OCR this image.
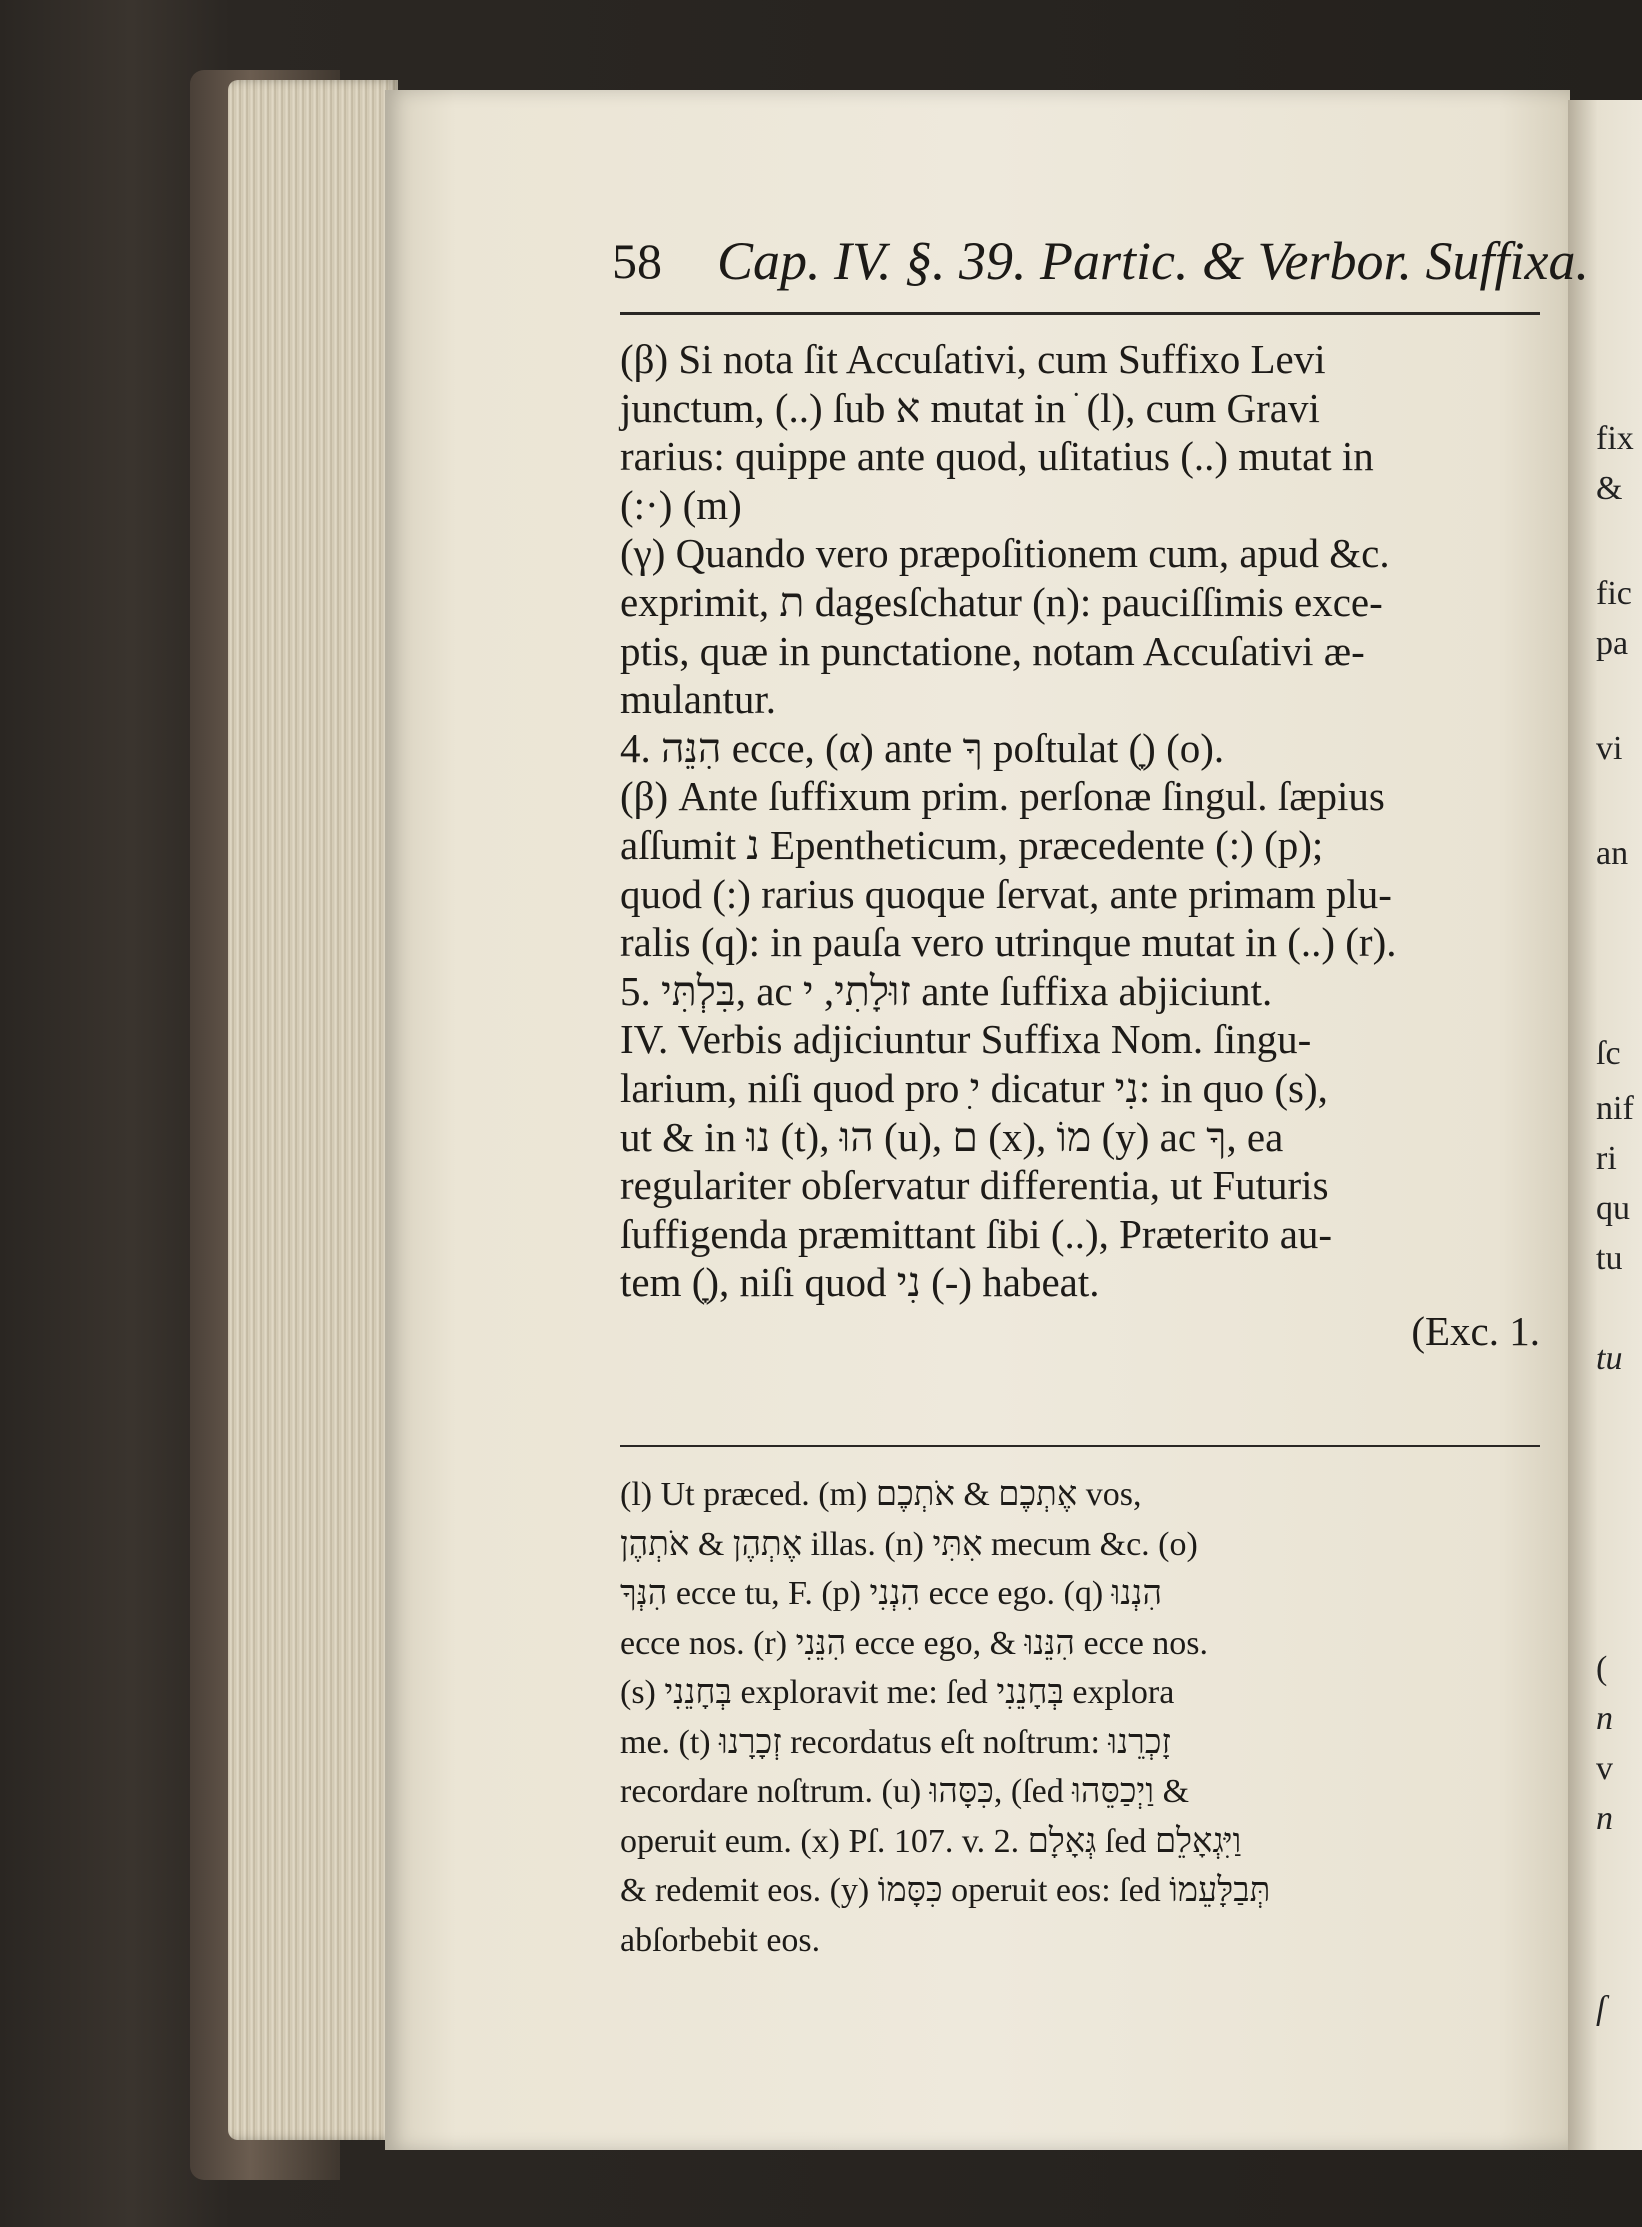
fix
&
fic
pa
vi
an
ſc
nif
ri
qu
tu
tu
(
n
v
n
ſ
58 Cap. IV. §. 39. Partic. & Verbor. Suffixa.

(β) Si nota ſit Accuſativi, cum Suffixo Levi

junctum, (..) ſub א mutat in ֹ (l), cum Gravi

rarius: quippe ante quod, uſitatius (..) mutat in

(:·) (m)

(γ) Quando vero præpoſitionem cum, apud &c.

exprimit, ת dagesſchatur (n): pauciſſimis exce-

ptis, quæ in punctatione, notam Accuſativi æ-

mulantur.

4. הִנֵּה ecce, (α) ante ךָ poſtulat (ָ) (o).

(β) Ante ſuffixum prim. perſonæ ſingul. ſæpius

aſſumit נ Epentheticum, præcedente (:) (p);

quod (:) rarius quoque ſervat, ante primam plu-

ralis (q): in pauſa vero utrinque mutat in (..) (r).

5. בִּלְתִּי, ac זוּלָתִי, י ante ſuffixa abjiciunt.

IV. Verbis adjiciuntur Suffixa Nom. ſingu-

larium, niſi quod pro ִי dicatur נִי: in quo (s),

ut & in נוּ (t), הוּ (u), ם (x), מוֹ (y) ac ךָ, ea

regulariter obſervatur differentia, ut Futuris

ſuffigenda præmittant ſibi (..), Præterito au-

tem (ָ), niſi quod נִי (-) habeat.

(Exc. 1.

(l) Ut præced. (m) אֶתְכֶם & אֹתְכֶם vos,

אֶתְהֶן & אֹתְהֶן illas. (n) אִתִּי mecum &c. (o)

הִנְּךָ ecce tu, F. (p) הִנְנִי ecce ego. (q) הִנְנוּ

ecce nos. (r) הִנֵּנִי ecce ego, & הִנֵּנוּ ecce nos.

(s) בְּחָנֵנִי exploravit me: ſed בְּחָנֵנִי explora

me. (t) זְכָרָנוּ recordatus eſt noſtrum: זָכְרֵנוּ

recordare noſtrum. (u) כִּסָּהוּ, (ſed וַיְכַסֵּהוּ &

operuit eum. (x) Pſ. 107. v. 2. גְּאָלָם ſed וַיִּגְאָלֵם

& redemit eos. (y) כִּסָּמוֹ operuit eos: ſed תְּבַלָּעֵמוֹ

abſorbebit eos.
